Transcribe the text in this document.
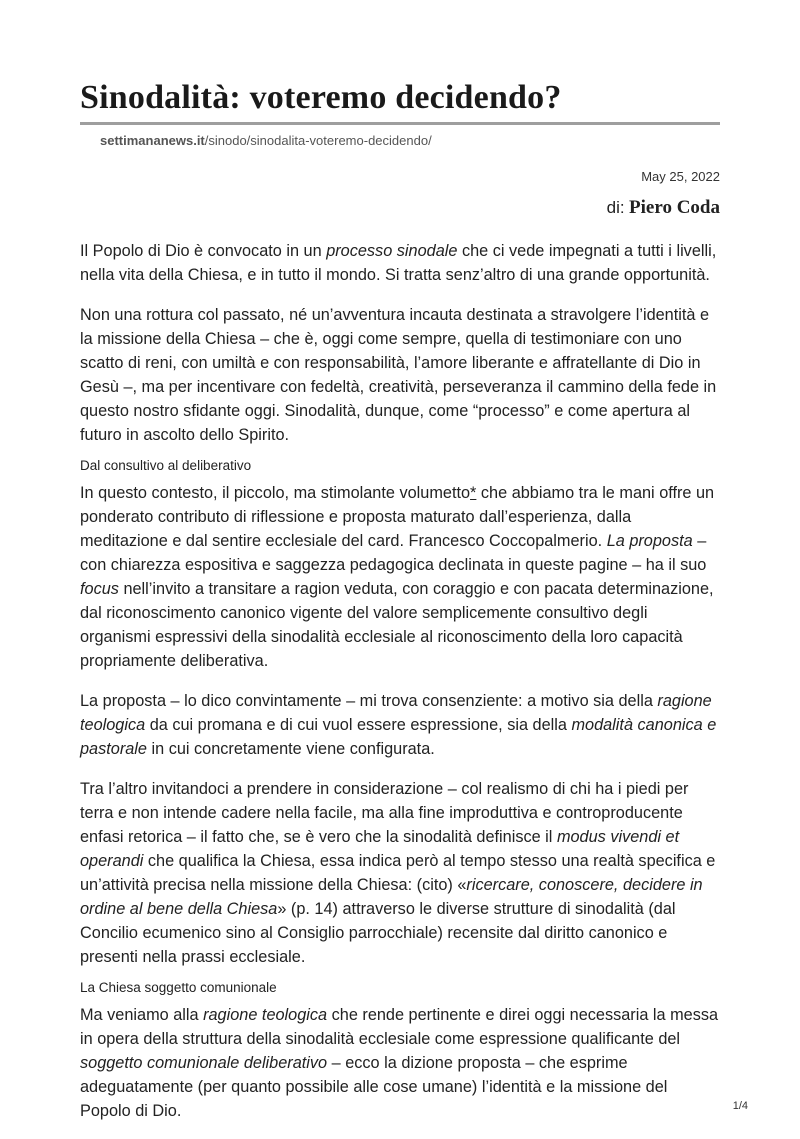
Sinodalità: voteremo decidendo?
settimananews.it/sinodo/sinodalita-voteremo-decidendo/
May 25, 2022
di: Piero Coda

Il Popolo di Dio è convocato in un processo sinodale che ci vede impegnati a tutti i livelli, nella vita della Chiesa, e in tutto il mondo. Si tratta senz’altro di una grande opportunità.

Non una rottura col passato, né un’avventura incauta destinata a stravolgere l’identità e la missione della Chiesa – che è, oggi come sempre, quella di testimoniare con uno scatto di reni, con umiltà e con responsabilità, l’amore liberante e affratellante di Dio in Gesù –, ma per incentivare con fedeltà, creatività, perseveranza il cammino della fede in questo nostro sfidante oggi. Sinodalità, dunque, come “processo” e come apertura al futuro in ascolto dello Spirito.

Dal consultivo al deliberativo

In questo contesto, il piccolo, ma stimolante volumetto* che abbiamo tra le mani offre un ponderato contributo di riflessione e proposta maturato dall’esperienza, dalla meditazione e dal sentire ecclesiale del card. Francesco Coccopalmerio. La proposta – con chiarezza espositiva e saggezza pedagogica declinata in queste pagine – ha il suo focus nell’invito a transitare a ragion veduta, con coraggio e con pacata determinazione, dal riconoscimento canonico vigente del valore semplicemente consultivo degli organismi espressivi della sinodalità ecclesiale al riconoscimento della loro capacità propriamente deliberativa.

La proposta – lo dico convintamente – mi trova consenziente: a motivo sia della ragione teologica da cui promana e di cui vuol essere espressione, sia della modalità canonica e pastorale in cui concretamente viene configurata.

Tra l’altro invitandoci a prendere in considerazione – col realismo di chi ha i piedi per terra e non intende cadere nella facile, ma alla fine improduttiva e controproducente enfasi retorica – il fatto che, se è vero che la sinodalità definisce il modus vivendi et operandi che qualifica la Chiesa, essa indica però al tempo stesso una realtà specifica e un’attività precisa nella missione della Chiesa: (cito) «ricercare, conoscere, decidere in ordine al bene della Chiesa» (p. 14) attraverso le diverse strutture di sinodalità (dal Concilio ecumenico sino al Consiglio parrocchiale) recensite dal diritto canonico e presenti nella prassi ecclesiale.

La Chiesa soggetto comunionale

Ma veniamo alla ragione teologica che rende pertinente e direi oggi necessaria la messa in opera della struttura della sinodalità ecclesiale come espressione qualificante del soggetto comunionale deliberativo – ecco la dizione proposta – che esprime adeguatamente (per quanto possibile alle cose umane) l’identità e la missione del Popolo di Dio.	1/4
